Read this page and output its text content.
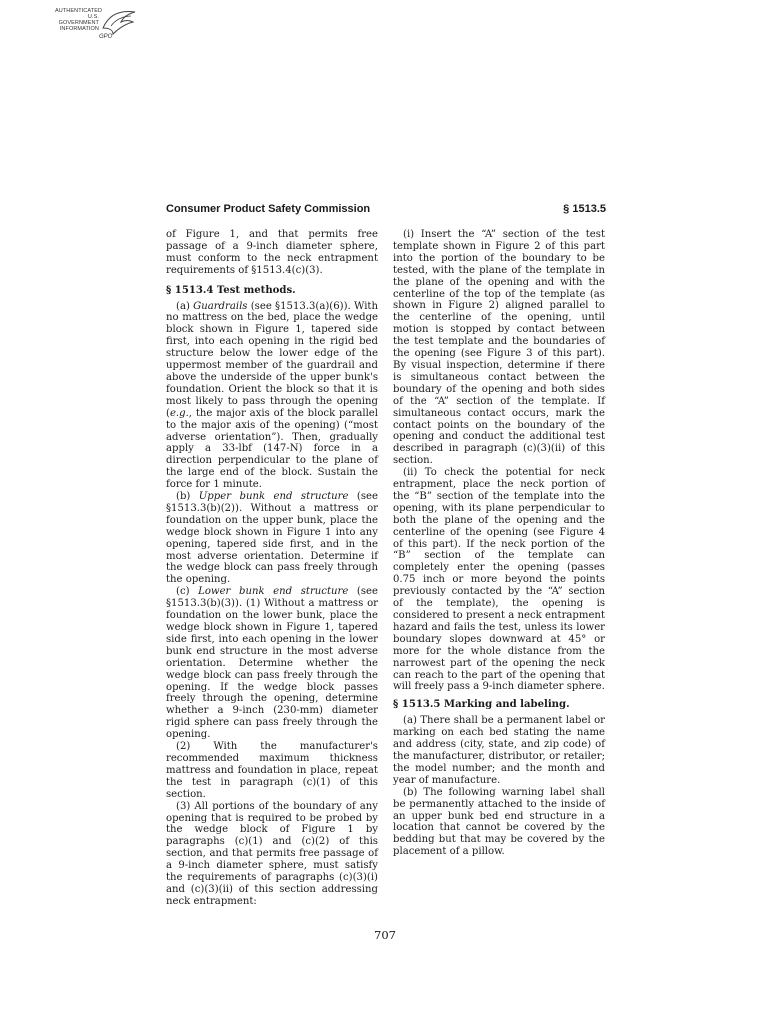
AUTHENTICATED
U.S. GOVERNMENT
INFORMATION
GPO
Consumer Product Safety Commission	§ 1513.5

of Figure 1, and that permits free passage of a 9-inch diameter sphere, must conform to the neck entrapment requirements of §1513.4(c)(3).

§ 1513.4 Test methods.

(a) Guardrails (see §1513.3(a)(6)). With no mattress on the bed, place the wedge block shown in Figure 1, tapered side first, into each opening in the rigid bed structure below the lower edge of the uppermost member of the guardrail and above the underside of the upper bunk's foundation. Orient the block so that it is most likely to pass through the opening (e.g., the major axis of the block parallel to the major axis of the opening) (“most adverse orientation”). Then, gradually apply a 33-lbf (147-N) force in a direction perpendicular to the plane of the large end of the block. Sustain the force for 1 minute.

(b) Upper bunk end structure (see §1513.3(b)(2)). Without a mattress or foundation on the upper bunk, place the wedge block shown in Figure 1 into any opening, tapered side first, and in the most adverse orientation. Determine if the wedge block can pass freely through the opening.

(c) Lower bunk end structure (see §1513.3(b)(3)). (1) Without a mattress or foundation on the lower bunk, place the wedge block shown in Figure 1, tapered side first, into each opening in the lower bunk end structure in the most adverse orientation. Determine whether the wedge block can pass freely through the opening. If the wedge block passes freely through the opening, determine whether a 9-inch (230-mm) diameter rigid sphere can pass freely through the opening.

(2) With the manufacturer's recommended maximum thickness mattress and foundation in place, repeat the test in paragraph (c)(1) of this section.

(3) All portions of the boundary of any opening that is required to be probed by the wedge block of Figure 1 by paragraphs (c)(1) and (c)(2) of this section, and that permits free passage of a 9-inch diameter sphere, must satisfy the requirements of paragraphs (c)(3)(i) and (c)(3)(ii) of this section addressing neck entrapment:

(i) Insert the “A” section of the test template shown in Figure 2 of this part into the portion of the boundary to be tested, with the plane of the template in the plane of the opening and with the centerline of the top of the template (as shown in Figure 2) aligned parallel to the centerline of the opening, until motion is stopped by contact between the test template and the boundaries of the opening (see Figure 3 of this part). By visual inspection, determine if there is simultaneous contact between the boundary of the opening and both sides of the “A” section of the template. If simultaneous contact occurs, mark the contact points on the boundary of the opening and conduct the additional test described in paragraph (c)(3)(ii) of this section.

(ii) To check the potential for neck entrapment, place the neck portion of the “B” section of the template into the opening, with its plane perpendicular to both the plane of the opening and the centerline of the opening (see Figure 4 of this part). If the neck portion of the “B” section of the template can completely enter the opening (passes 0.75 inch or more beyond the points previously contacted by the “A” section of the template), the opening is considered to present a neck entrapment hazard and fails the test, unless its lower boundary slopes downward at 45° or more for the whole distance from the narrowest part of the opening the neck can reach to the part of the opening that will freely pass a 9-inch diameter sphere.

§ 1513.5 Marking and labeling.

(a) There shall be a permanent label or marking on each bed stating the name and address (city, state, and zip code) of the manufacturer, distributor, or retailer; the model number; and the month and year of manufacture.

(b) The following warning label shall be permanently attached to the inside of an upper bunk bed end structure in a location that cannot be covered by the bedding but that may be covered by the placement of a pillow.

707
